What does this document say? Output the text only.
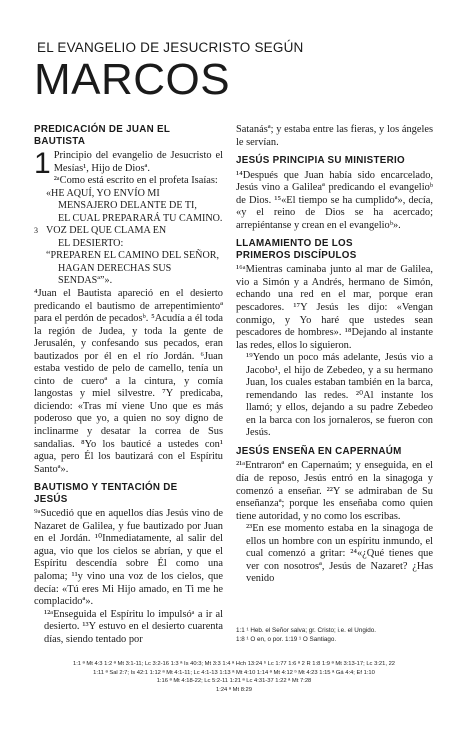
EL EVANGELIO DE JESUCRISTO SEGÚN
MARCOS
PREDICACIÓN DE JUAN EL
BAUTISTA
1 Principio del evangelio de Jesucristo el Mesías¹, Hijo de Diosª.
²ᵃComo está escrito en el profeta Isaías:
«HE AQUÍ, YO ENVÍO MI
MENSAJERO DELANTE DE TI,
EL CUAL PREPARARÁ TU CAMINO.
3 VOZ DEL QUE CLAMA EN
EL DESIERTO:
“PREPAREN EL CAMINO DEL SEÑOR,
HAGAN DERECHAS SUS SENDASª”».
⁴Juan el Bautista apareció en el desierto predicando el bautismo de arrepentimientoª para el perdón de pecadosᵇ. ⁵Acudía a él toda la región de Judea, y toda la gente de Jerusalén, y confesando sus pecados, eran bautizados por él en el río Jordán. ⁶Juan estaba vestido de pelo de camello, tenía un cinto de cueroª a la cintura, y comía langostas y miel silvestre. ⁷Y predicaba, diciendo: «Tras mí viene Uno que es más poderoso que yo, a quien no soy digno de inclinarme y desatar la correa de Sus sandalias. ⁸Yo los bauticé a ustedes con¹ agua, pero Él los bautizará con el Espíritu Santoª».
BAUTISMO Y TENTACIÓN DE
JESÚS
⁹ᵃSucedió que en aquellos días Jesús vino de Nazaret de Galilea, y fue bautizado por Juan en el Jordán. ¹⁰Inmediatamente, al salir del agua, vio que los cielos se abrían, y que el Espíritu descendía sobre Él como una paloma; ¹¹y vino una voz de los cielos, que decía: «Tú eres Mi Hijo amado, en Ti me he complacidoª».
¹²ᵃEnseguida el Espíritu lo impulsóᵃ a ir al desierto. ¹³Y estuvo en el desierto cuarenta días, siendo tentado por
Satanásª; y estaba entre las fieras, y los ángeles le servían.
JESÚS PRINCIPIA SU MINISTERIO
¹⁴Después que Juan había sido encarcelado, Jesús vino a Galileaª predicando el evangelioᵇ de Dios. ¹⁵«El tiempo se ha cumplidoª», decía, «y el reino de Dios se ha acercado; arrepiéntanse y crean en el evangelioᵇ».
LLAMAMIENTO DE LOS
PRIMEROS DISCÍPULOS
¹⁶ᵃMientras caminaba junto al mar de Galilea, vio a Simón y a Andrés, hermano de Simón, echando una red en el mar, porque eran pescadores. ¹⁷Y Jesús les dijo: «Vengan conmigo, y Yo haré que ustedes sean pescadores de hombres». ¹⁸Dejando al instante las redes, ellos lo siguieron.
¹⁹Yendo un poco más adelante, Jesús vio a Jacobo¹, el hijo de Zebedeo, y a su hermano Juan, los cuales estaban también en la barca, remendando las redes. ²⁰Al instante los llamó; y ellos, dejando a su padre Zebedeo en la barca con los jornaleros, se fueron con Jesús.
JESÚS ENSEÑA EN CAPERNAÚM
²¹ᵃEntraronª en Capernaúm; y enseguida, en el día de reposo, Jesús entró en la sinagoga y comenzó a enseñar. ²²Y se admiraban de Su enseñanzaª; porque les enseñaba como quien tiene autoridad, y no como los escribas.
²³En ese momento estaba en la sinagoga de ellos un hombre con un espíritu inmundo, el cual comenzó a gritar: ²⁴«¿Qué tienes que ver con nosotrosª, Jesús de Nazaret? ¿Has venido
1:1 ¹ Heb. el Señor salva; gr. Cristo; i.e. el Ungido.
1:8 ¹ O en, o por. 1:19 ¹ O Santiago.
1:1 ª Mt 4:3 1:2 ª Mt 3:1-11; Lc 3:2-16 1:3 ª Is 40:3; Mt 3:3 1:4 ª Hch 13:24 ᵇ Lc 1:77 1:6 ª 2 R 1:8 1:9 ª Mt 3:13-17; Lc 3:21, 22
1:11 ª Sal 2:7; Is 42:1 1:12 ª Mt 4:1-11; Lc 4:1-13 1:13 ª Mt 4:10 1:14 ª Mt 4:12 ᵇ Mt 4:23 1:15 ª Gá 4:4; Ef 1:10
1:16 ª Mt 4:18-22; Lc 5:2-11 1:21 ª Lc 4:31-37 1:22 ª Mt 7:28
1:24 ª Mt 8:29
